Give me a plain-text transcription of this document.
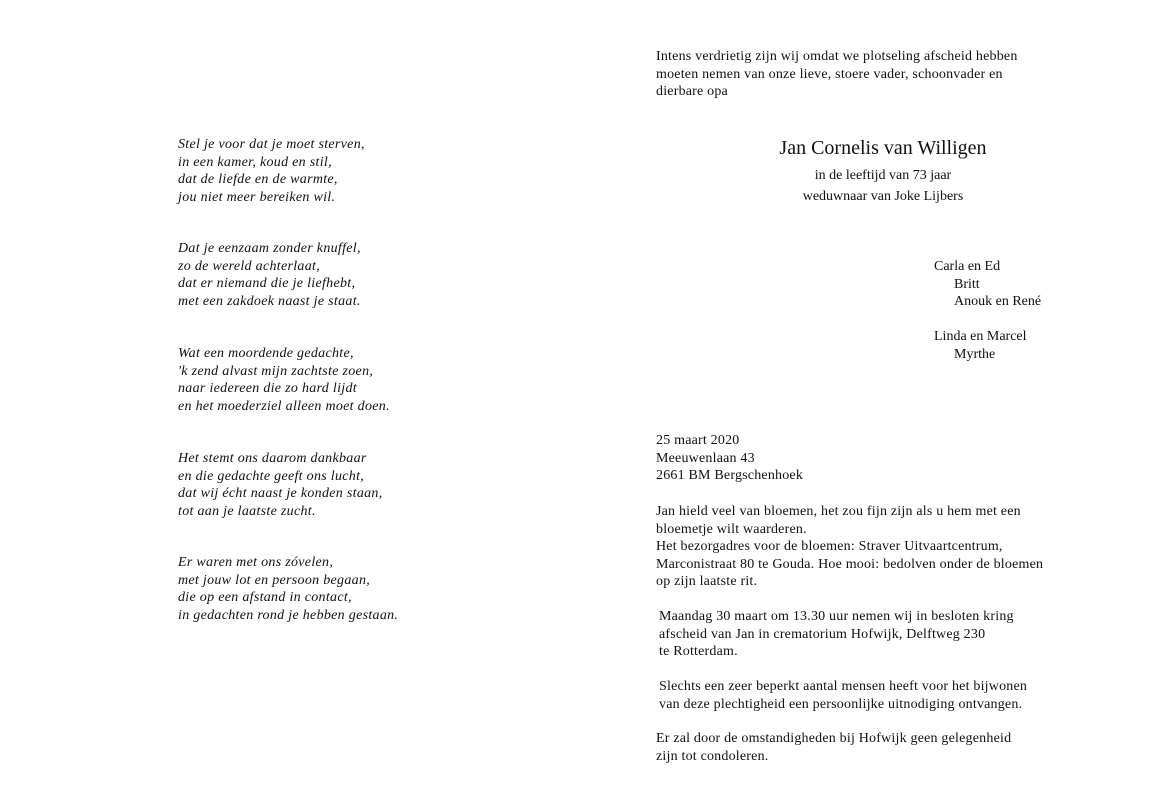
Stel je voor dat je moet sterven,
in een kamer, koud en stil,
dat de liefde en de warmte,
jou niet meer bereiken wil.
Dat je eenzaam zonder knuffel,
zo de wereld achterlaat,
dat er niemand die je liefhebt,
met een zakdoek naast je staat.
Wat een moordende gedachte,
'k zend alvast mijn zachtste zoen,
naar iedereen die zo hard lijdt
en het moederziel alleen moet doen.
Het stemt ons daarom dankbaar
en die gedachte geeft ons lucht,
dat wij écht naast je konden staan,
tot aan je laatste zucht.
Er waren met ons zóvelen,
met jouw lot en persoon begaan,
die op een afstand in contact,
in gedachten rond je hebben gestaan.
Intens verdrietig zijn wij omdat we plotseling afscheid hebben
moeten nemen van onze lieve, stoere vader, schoonvader en
dierbare opa
Jan Cornelis van Willigen
in de leeftijd van 73 jaar
weduwnaar van Joke Lijbers
Carla en Ed
Britt
Anouk en René
Linda en Marcel
Myrthe
25 maart 2020
Meeuwenlaan 43
2661 BM Bergschenhoek
Jan hield veel van bloemen, het zou fijn zijn als u hem met een
bloemetje wilt waarderen.
Het bezorgadres voor de bloemen: Straver Uitvaartcentrum,
Marconistraat 80 te Gouda. Hoe mooi: bedolven onder de bloemen
op zijn laatste rit.
Maandag 30 maart om 13.30 uur nemen wij in besloten kring
afscheid van Jan in crematorium Hofwijk, Delftweg 230
te Rotterdam.
Slechts een zeer beperkt aantal mensen heeft voor het bijwonen
van deze plechtigheid een persoonlijke uitnodiging ontvangen.
Er zal door de omstandigheden bij Hofwijk geen gelegenheid
zijn tot condoleren.
